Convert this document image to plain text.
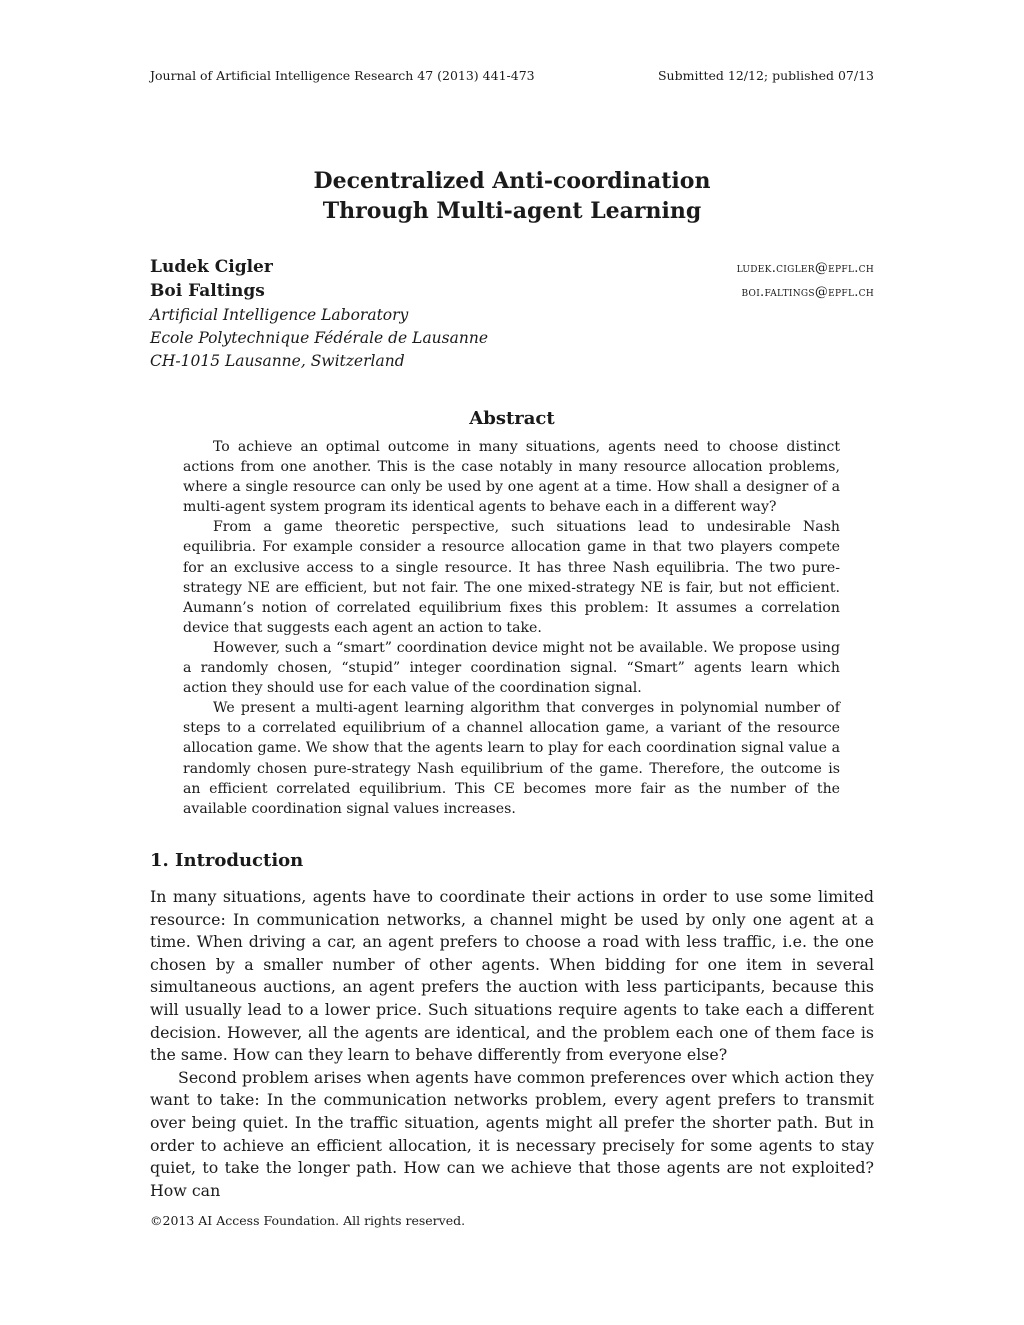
Journal of Artificial Intelligence Research 47 (2013) 441-473	Submitted 12/12; published 07/13
Decentralized Anti-coordination
Through Multi-agent Learning
Ludek Cigler	ludek.cigler@epfl.ch
Boi Faltings	boi.faltings@epfl.ch
Artificial Intelligence Laboratory
Ecole Polytechnique Fédérale de Lausanne
CH-1015 Lausanne, Switzerland
Abstract

To achieve an optimal outcome in many situations, agents need to choose distinct actions from one another. This is the case notably in many resource allocation problems, where a single resource can only be used by one agent at a time. How shall a designer of a multi-agent system program its identical agents to behave each in a different way?

From a game theoretic perspective, such situations lead to undesirable Nash equilibria. For example consider a resource allocation game in that two players compete for an exclusive access to a single resource. It has three Nash equilibria. The two pure-strategy NE are efficient, but not fair. The one mixed-strategy NE is fair, but not efficient. Aumann’s notion of correlated equilibrium fixes this problem: It assumes a correlation device that suggests each agent an action to take.

However, such a “smart” coordination device might not be available. We propose using a randomly chosen, “stupid” integer coordination signal. “Smart” agents learn which action they should use for each value of the coordination signal.

We present a multi-agent learning algorithm that converges in polynomial number of steps to a correlated equilibrium of a channel allocation game, a variant of the resource allocation game. We show that the agents learn to play for each coordination signal value a randomly chosen pure-strategy Nash equilibrium of the game. Therefore, the outcome is an efficient correlated equilibrium. This CE becomes more fair as the number of the available coordination signal values increases.

1. Introduction

In many situations, agents have to coordinate their actions in order to use some limited resource: In communication networks, a channel might be used by only one agent at a time. When driving a car, an agent prefers to choose a road with less traffic, i.e. the one chosen by a smaller number of other agents. When bidding for one item in several simultaneous auctions, an agent prefers the auction with less participants, because this will usually lead to a lower price. Such situations require agents to take each a different decision. However, all the agents are identical, and the problem each one of them face is the same. How can they learn to behave differently from everyone else?

Second problem arises when agents have common preferences over which action they want to take: In the communication networks problem, every agent prefers to transmit over being quiet. In the traffic situation, agents might all prefer the shorter path. But in order to achieve an efficient allocation, it is necessary precisely for some agents to stay quiet, to take the longer path. How can we achieve that those agents are not exploited? How can

©2013 AI Access Foundation. All rights reserved.
